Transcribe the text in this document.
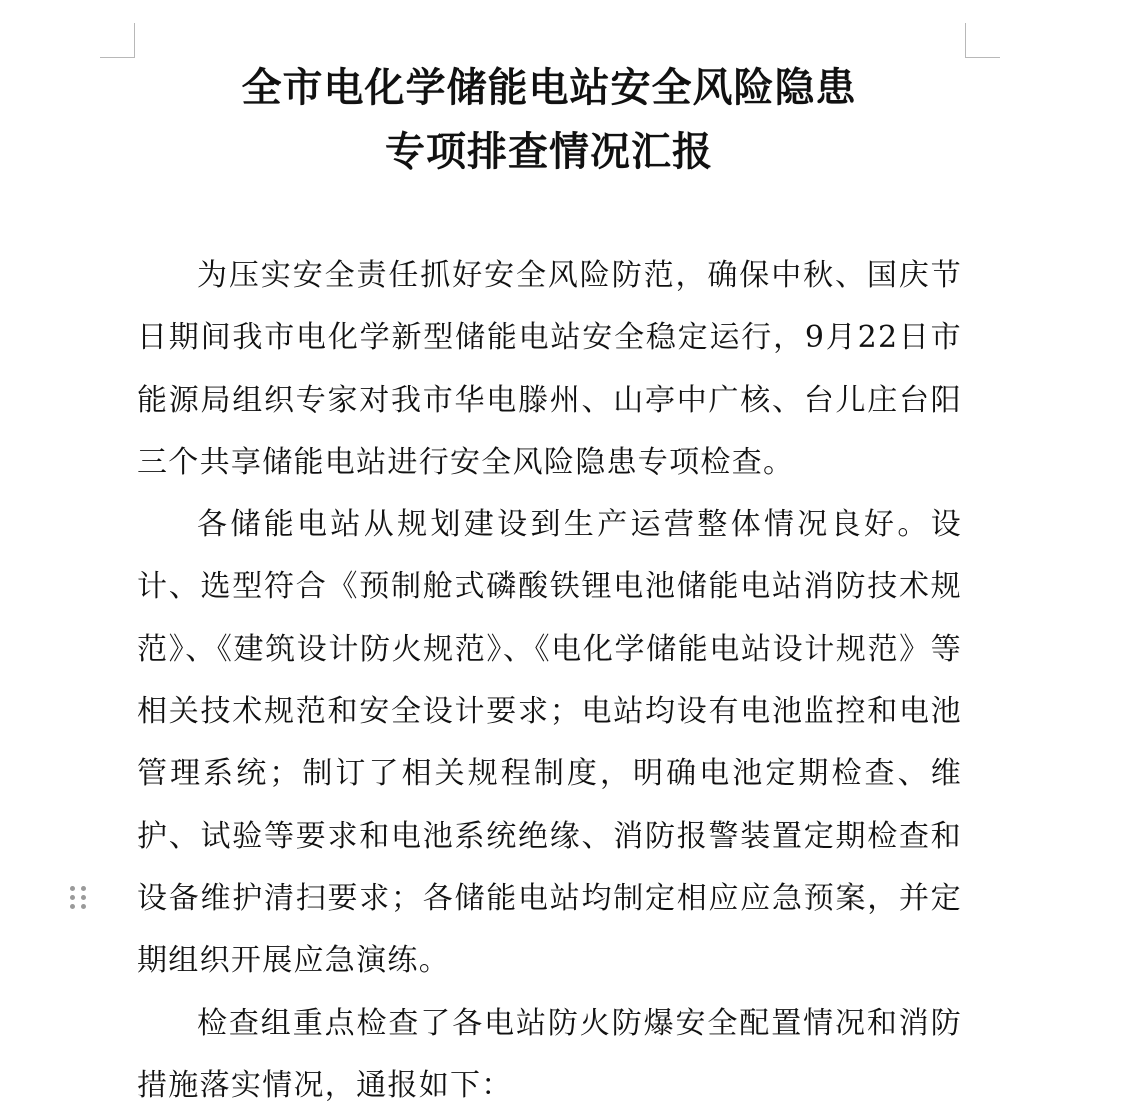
全市电化学储能电站安全风险隐患
专项排查情况汇报

为压实安全责任抓好安全风险防范，确保中秋、国庆节日期间我市电化学新型储能电站安全稳定运行，9月22日市能源局组织专家对我市华电滕州、山亭中广核、台儿庄台阳三个共享储能电站进行安全风险隐患专项检查。

各储能电站从规划建设到生产运营整体情况良好。设计、选型符合《预制舱式磷酸铁锂电池储能电站消防技术规范》、《建筑设计防火规范》、《电化学储能电站设计规范》等相关技术规范和安全设计要求；电站均设有电池监控和电池管理系统；制订了相关规程制度，明确电池定期检查、维护、试验等要求和电池系统绝缘、消防报警装置定期检查和设备维护清扫要求；各储能电站均制定相应应急预案，并定期组织开展应急演练。

检查组重点检查了各电站防火防爆安全配置情况和消防措施落实情况，通报如下：
